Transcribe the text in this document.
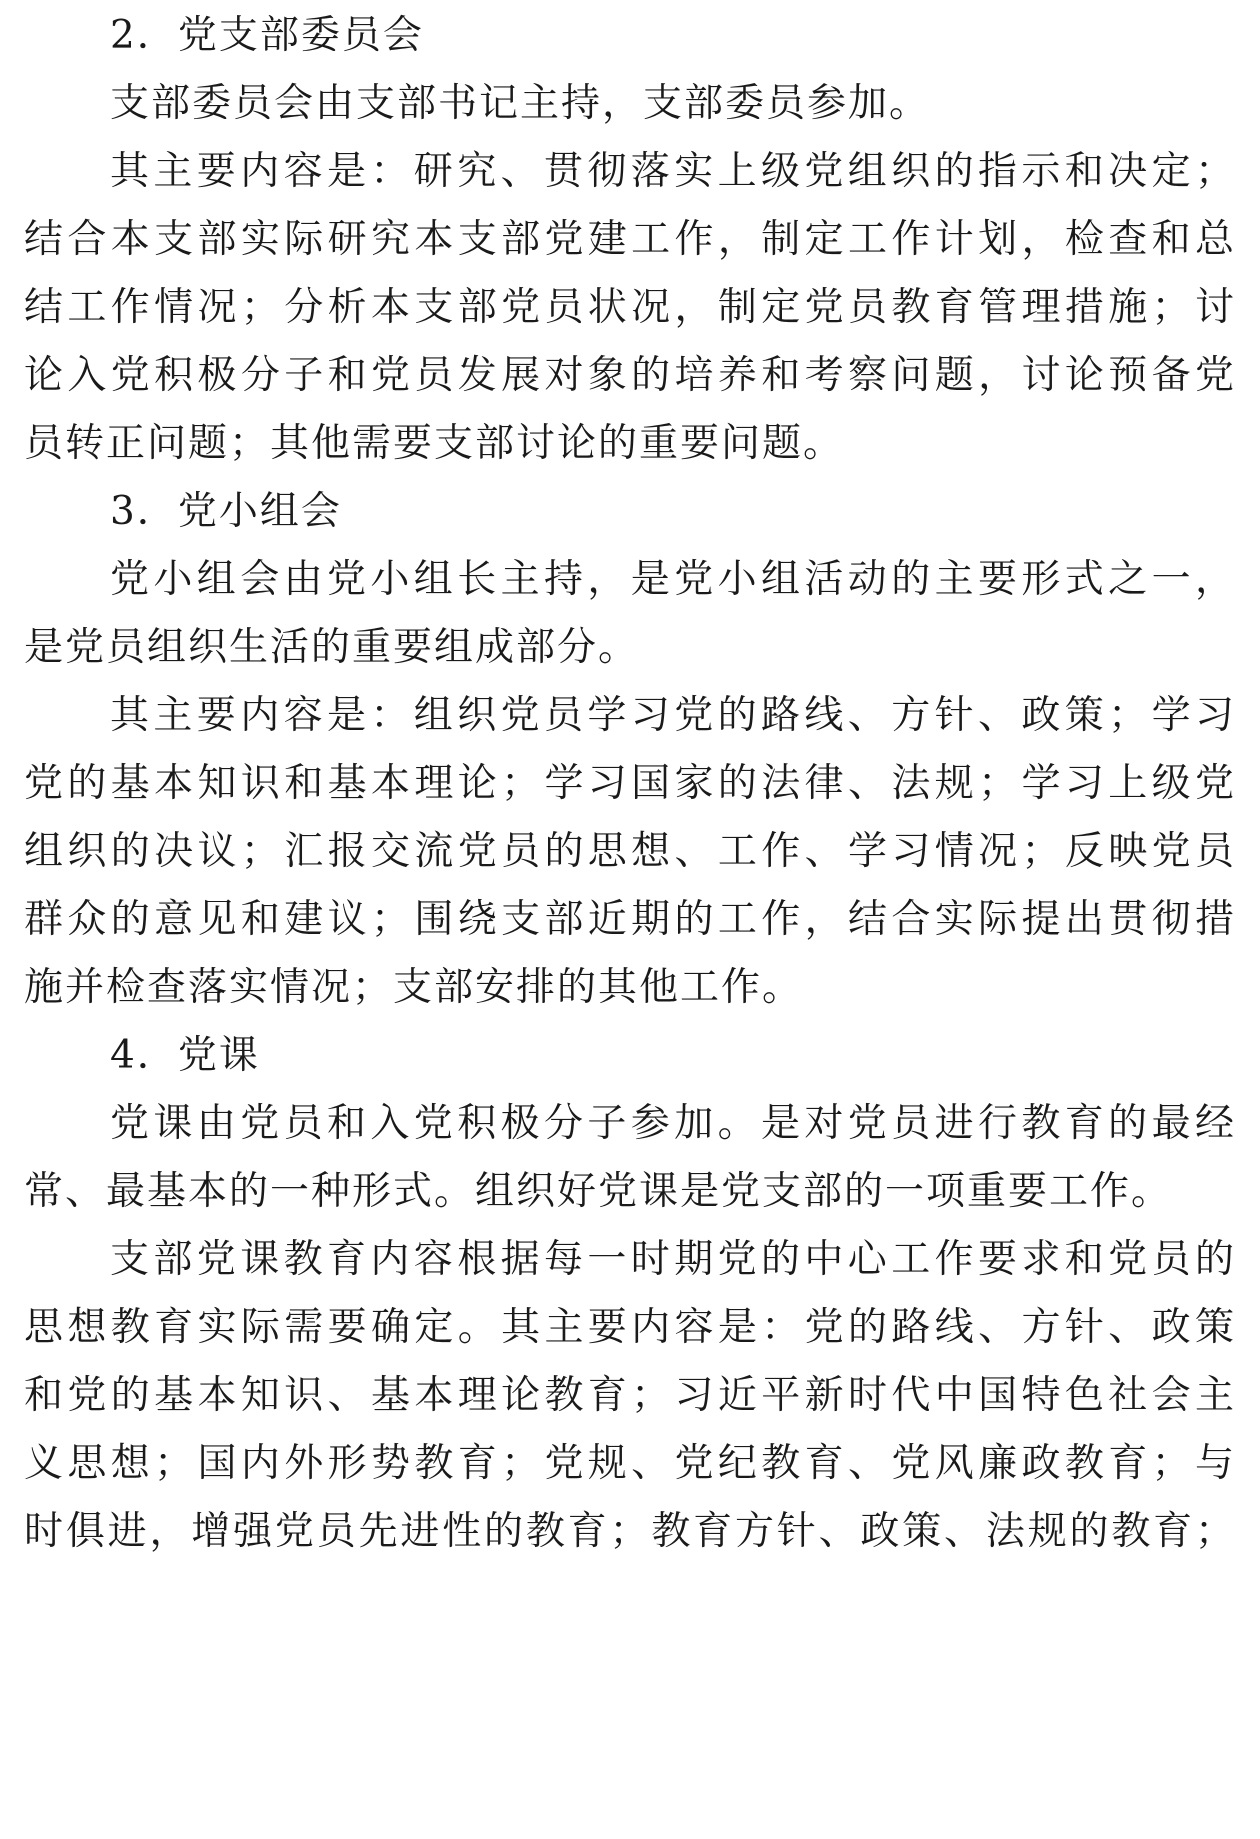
2．党支部委员会

支部委员会由支部书记主持，支部委员参加。

其主要内容是：研究、贯彻落实上级党组织的指示和决定；

结合本支部实际研究本支部党建工作，制定工作计划，检查和总

结工作情况；分析本支部党员状况，制定党员教育管理措施；讨

论入党积极分子和党员发展对象的培养和考察问题，讨论预备党

员转正问题；其他需要支部讨论的重要问题。

3．党小组会

党小组会由党小组长主持，是党小组活动的主要形式之一，

是党员组织生活的重要组成部分。

其主要内容是：组织党员学习党的路线、方针、政策；学习

党的基本知识和基本理论；学习国家的法律、法规；学习上级党

组织的决议；汇报交流党员的思想、工作、学习情况；反映党员

群众的意见和建议；围绕支部近期的工作，结合实际提出贯彻措

施并检查落实情况；支部安排的其他工作。

4．党课

党课由党员和入党积极分子参加。是对党员进行教育的最经

常、最基本的一种形式。组织好党课是党支部的一项重要工作。

支部党课教育内容根据每一时期党的中心工作要求和党员的

思想教育实际需要确定。其主要内容是：党的路线、方针、政策

和党的基本知识、基本理论教育；习近平新时代中国特色社会主

义思想；国内外形势教育；党规、党纪教育、党风廉政教育；与

时俱进，增强党员先进性的教育；教育方针、政策、法规的教育；
